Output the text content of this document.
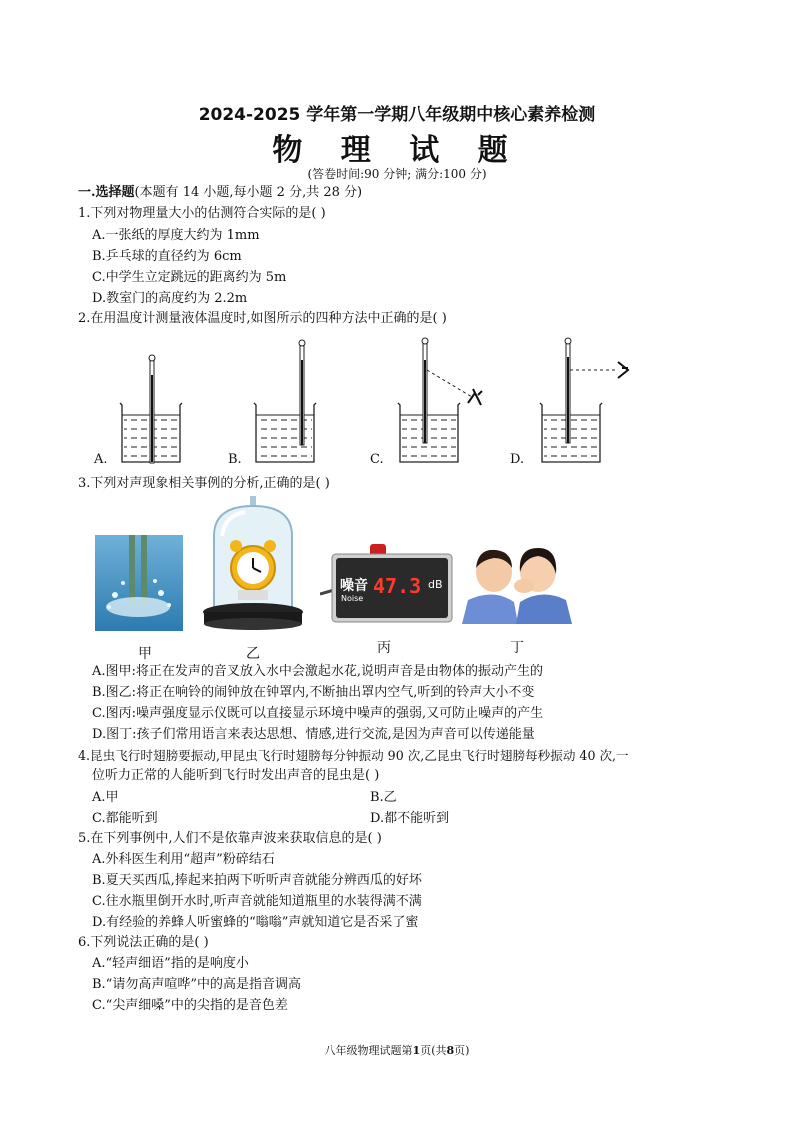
2024-2025 学年第一学期八年级期中核心素养检测
物 理 试 题
(答卷时间:90 分钟; 满分:100 分)
一.选择题(本题有 14 小题,每小题 2 分,共 28 分)
1.下列对物理量大小的估测符合实际的是( )
A.一张纸的厚度大约为 1mm
B.乒乓球的直径约为 6cm
C.中学生立定跳远的距离约为 5m
D.教室门的高度约为 2.2m
2.在用温度计测量液体温度时,如图所示的四种方法中正确的是( )
A.	B.	C.	D.
3.下列对声现象相关事例的分析,正确的是( )
噪音
Noise
47.3 dB
甲	乙	丙	丁
A.图甲:将正在发声的音叉放入水中会激起水花,说明声音是由物体的振动产生的
B.图乙:将正在响铃的闹钟放在钟罩内,不断抽出罩内空气,听到的铃声大小不变
C.图丙:噪声强度显示仪既可以直接显示环境中噪声的强弱,又可防止噪声的产生
D.图丁:孩子们常用语言来表达思想、情感,进行交流,是因为声音可以传递能量
4.昆虫飞行时翅膀要振动,甲昆虫飞行时翅膀每分钟振动 90 次,乙昆虫飞行时翅膀每秒振动 40 次,一
位听力正常的人能听到飞行时发出声音的昆虫是( )
A.甲	B.乙
C.都能听到	D.都不能听到
5.在下列事例中,人们不是依靠声波来获取信息的是( )
A.外科医生利用“超声”粉碎结石
B.夏天买西瓜,捧起来拍两下听听声音就能分辨西瓜的好坏
C.往水瓶里倒开水时,听声音就能知道瓶里的水装得满不满
D.有经验的养蜂人听蜜蜂的“嗡嗡”声就知道它是否采了蜜
6.下列说法正确的是( )
A.“轻声细语”指的是响度小
B.“请勿高声喧哗”中的高是指音调高
C.“尖声细嗓”中的尖指的是音色差
八年级物理试题第1页(共8页)
